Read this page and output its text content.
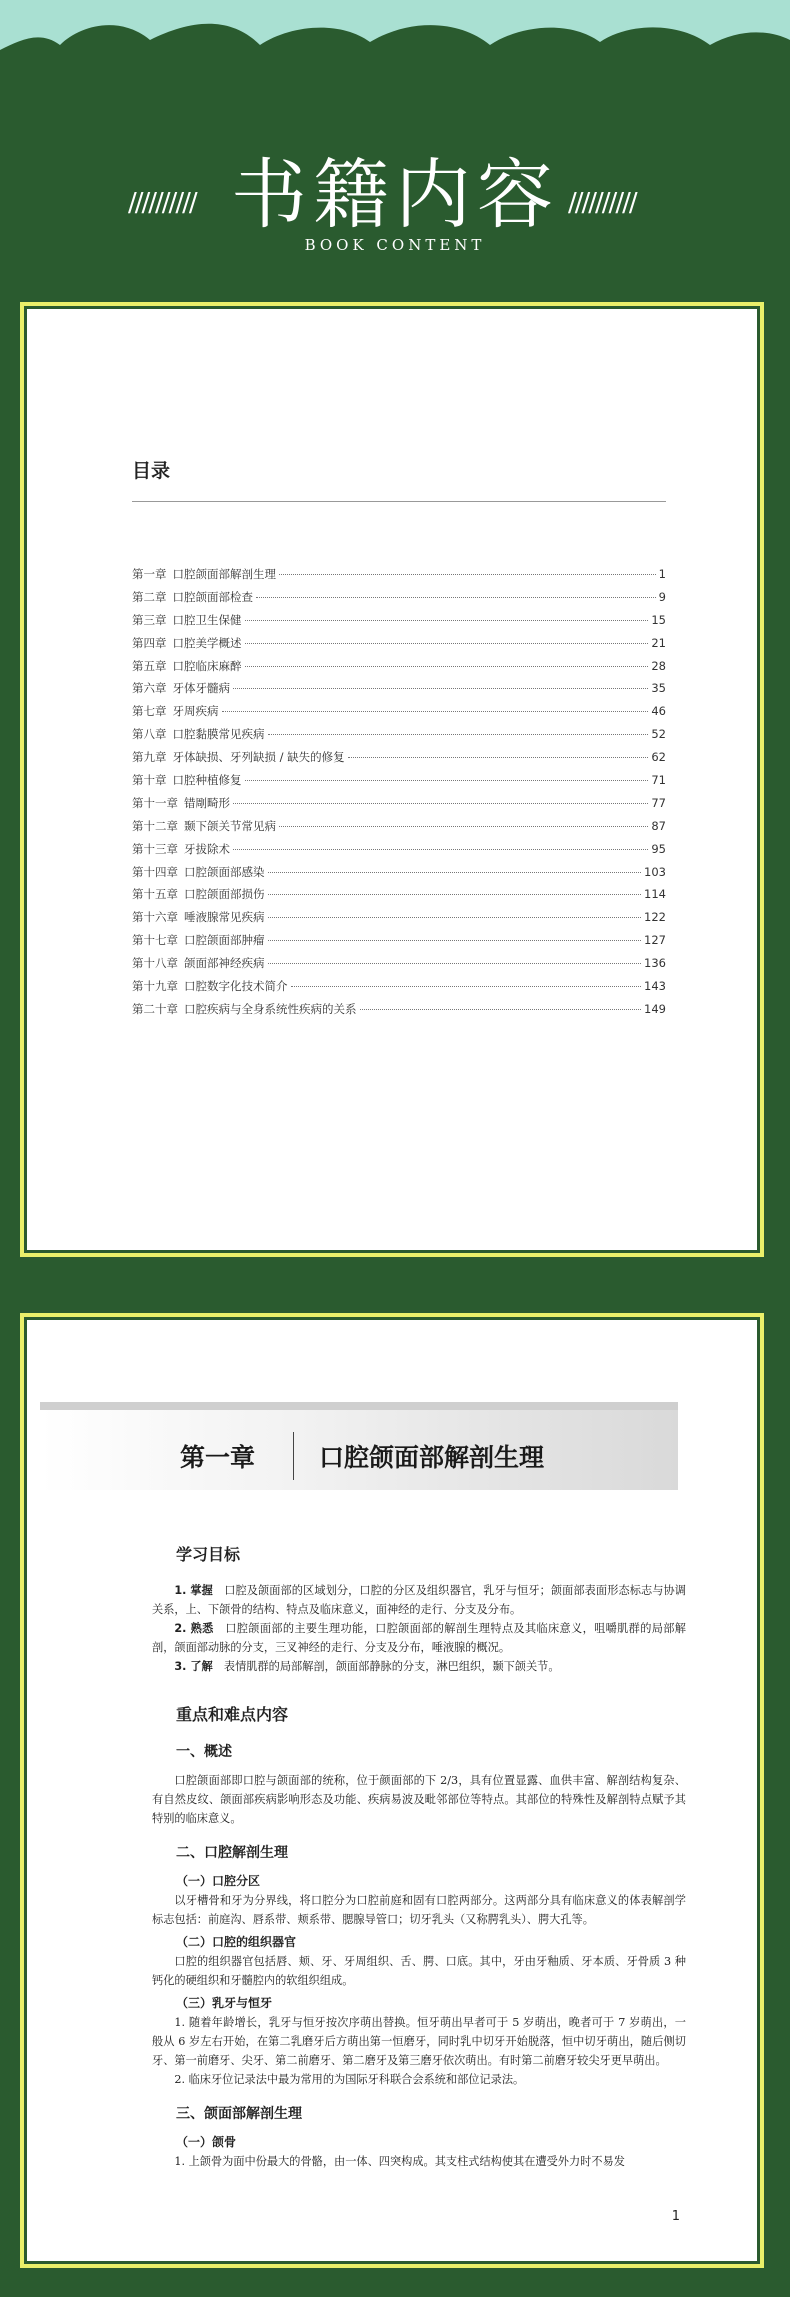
////////// 书籍内容 //////////
BOOK CONTENT
目录
第一章 口腔颌面部解剖生理	1
第二章 口腔颌面部检查	9
第三章 口腔卫生保健	15
第四章 口腔美学概述	21
第五章 口腔临床麻醉	28
第六章 牙体牙髓病	35
第七章 牙周疾病	46
第八章 口腔黏膜常见疾病	52
第九章 牙体缺损、牙列缺损 / 缺失的修复	62
第十章 口腔种植修复	71
第十一章 错㓮畸形	77
第十二章 颞下颌关节常见病	87
第十三章 牙拔除术	95
第十四章 口腔颌面部感染	103
第十五章 口腔颌面部损伤	114
第十六章 唾液腺常见疾病	122
第十七章 口腔颌面部肿瘤	127
第十八章 颌面部神经疾病	136
第十九章 口腔数字化技术简介	143
第二十章 口腔疾病与全身系统性疾病的关系	149
第一章	口腔颌面部解剖生理
学习目标

1. 掌握　 口腔及颌面部的区域划分，口腔的分区及组织器官，乳牙与恒牙；颌面部表面形态标志与协调关系，上、下颌骨的结构、特点及临床意义，面神经的走行、分支及分布。

2. 熟悉　 口腔颌面部的主要生理功能，口腔颌面部的解剖生理特点及其临床意义，咀嚼肌群的局部解剖，颌面部动脉的分支，三叉神经的走行、分支及分布，唾液腺的概况。

3. 了解　 表情肌群的局部解剖，颌面部静脉的分支，淋巴组织，颞下颌关节。

重点和难点内容
一、概述

口腔颌面部即口腔与颌面部的统称，位于颜面部的下 2/3，具有位置显露、血供丰富、解剖结构复杂、有自然皮纹、颌面部疾病影响形态及功能、疾病易波及毗邻部位等特点。其部位的特殊性及解剖特点赋予其特别的临床意义。

二、口腔解剖生理
（一）口腔分区

以牙槽骨和牙为分界线，将口腔分为口腔前庭和固有口腔两部分。这两部分具有临床意义的体表解剖学标志包括：前庭沟、唇系带、颊系带、腮腺导管口；切牙乳头（又称腭乳头）、腭大孔等。

（二）口腔的组织器官

口腔的组织器官包括唇、颊、牙、牙周组织、舌、腭、口底。其中，牙由牙釉质、牙本质、牙骨质 3 种钙化的硬组织和牙髓腔内的软组织组成。

（三）乳牙与恒牙

1. 随着年龄增长，乳牙与恒牙按次序萌出替换。恒牙萌出早者可于 5 岁萌出，晚者可于 7 岁萌出，一般从 6 岁左右开始，在第二乳磨牙后方萌出第一恒磨牙，同时乳中切牙开始脱落，恒中切牙萌出，随后侧切牙、第一前磨牙、尖牙、第二前磨牙、第二磨牙及第三磨牙依次萌出。有时第二前磨牙较尖牙更早萌出。

2. 临床牙位记录法中最为常用的为国际牙科联合会系统和部位记录法。

三、颌面部解剖生理
（一）颌骨

1. 上颌骨为面中份最大的骨骼，由一体、四突构成。其支柱式结构使其在遭受外力时不易发

1
